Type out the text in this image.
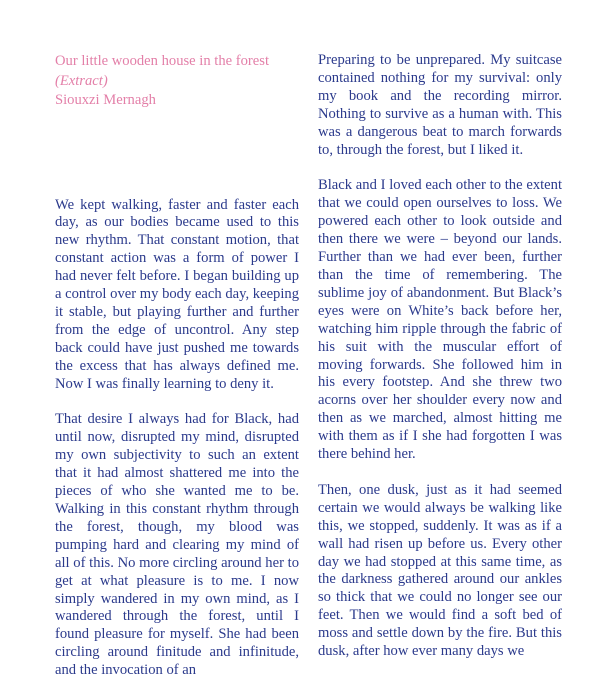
Our little wooden house in the forest
(Extract)
Siouxzi Mernagh

We kept walking, faster and faster each day, as our bodies became used to this new rhythm. That constant motion, that constant action was a form of power I had never felt before. I began building up a control over my body each day, keeping it stable, but playing further and further from the edge of uncontrol. Any step back could have just pushed me towards the excess that has always defined me. Now I was finally learning to deny it.

That desire I always had for Black, had until now, disrupted my mind, disrupted my own subjectivity to such an extent that it had almost shattered me into the pieces of who she wanted me to be. Walking in this constant rhythm through the forest, though, my blood was pumping hard and clearing my mind of all of this. No more circling around her to get at what pleasure is to me. I now simply wandered in my own mind, as I wandered through the forest, until I found pleasure for myself. She had been circling around finitude and infinitude, and the invocation of an

Preparing to be unprepared. My suitcase contained nothing for my survival: only my book and the recording mirror. Nothing to survive as a human with. This was a dangerous beat to march forwards to, through the forest, but I liked it.

Black and I loved each other to the extent that we could open ourselves to loss. We powered each other to look outside and then there we were – beyond our lands. Further than we had ever been, further than the time of remembering. The sublime joy of abandonment. But Black’s eyes were on White’s back before her, watching him ripple through the fabric of his suit with the muscular effort of moving forwards. She followed him in his every footstep. And she threw two acorns over her shoulder every now and then as we marched, almost hitting me with them as if I she had forgotten I was there behind her.

Then, one dusk, just as it had seemed certain we would always be walking like this, we stopped, suddenly. It was as if a wall had risen up before us. Every other day we had stopped at this same time, as the darkness gathered around our ankles so thick that we could no longer see our feet. Then we would find a soft bed of moss and settle down by the fire. But this dusk, after how ever many days we
